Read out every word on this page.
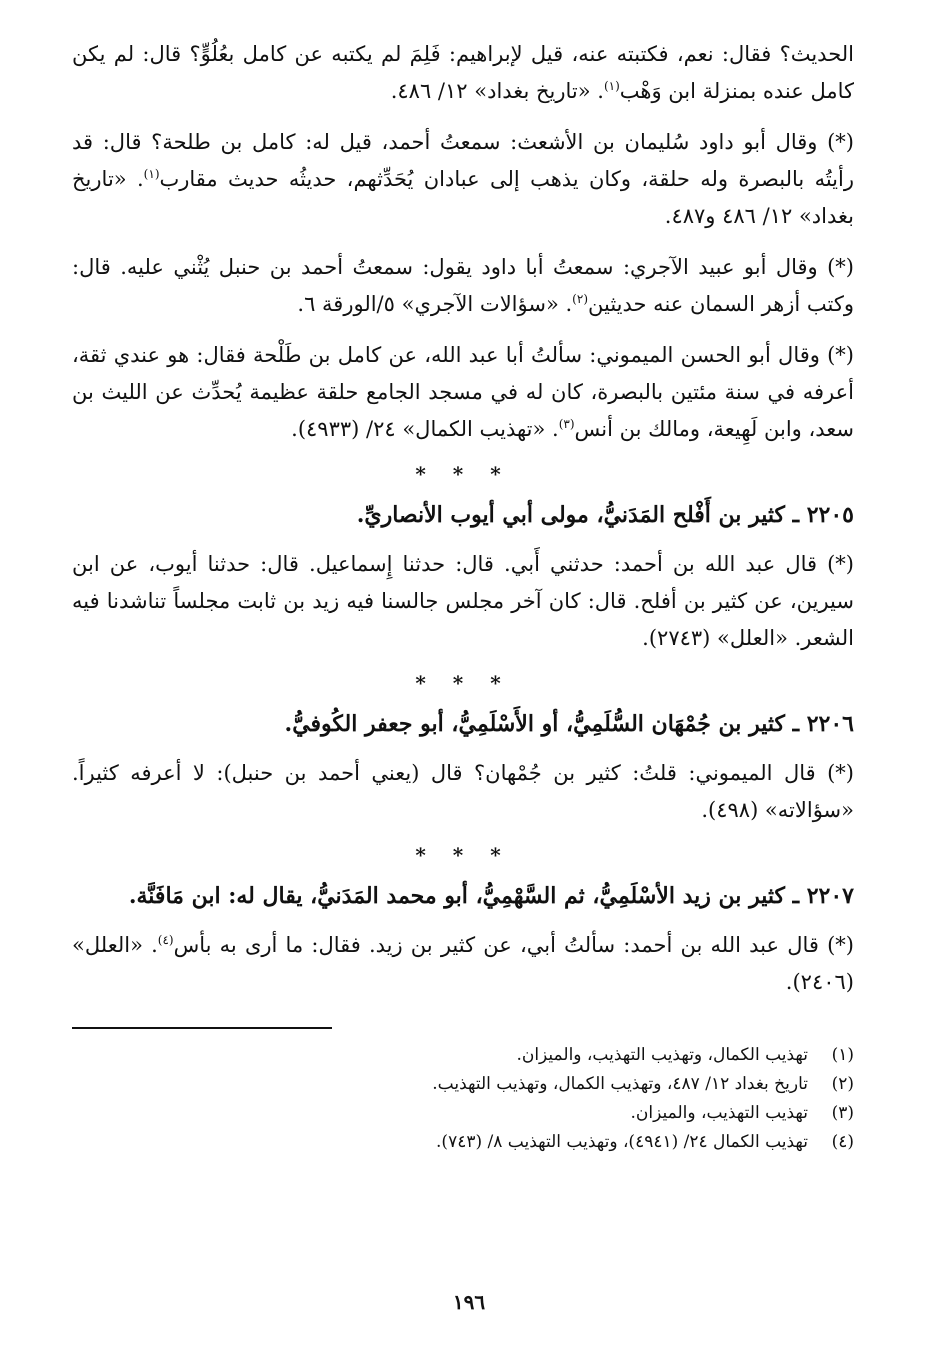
الحديث؟ فقال: نعم، فكتبته عنه، قيل لإبراهيم: فَلِمَ لم يكتبه عن كامل بعُلُوٍّ؟ قال: لم يكن كامل عنده بمنزلة ابن وَهْب$^{(١)}$. «تاريخ بغداد» ١٢/ ٤٨٦.

(*) وقال أبو داود سُليمان بن الأشعث: سمعتُ أحمد، قيل له: كامل بن طلحة؟ قال: قد رأيتُه بالبصرة وله حلقة، وكان يذهب إلى عبادان يُحَدِّثهم، حديثُه حديث مقارب$^{(١)}$. «تاريخ بغداد» ١٢/ ٤٨٦ و٤٨٧.

(*) وقال أبو عبيد الآجري: سمعتُ أبا داود يقول: سمعتُ أحمد بن حنبل يُثْني عليه. قال: وكتب أزهر السمان عنه حديثين$^{(٢)}$. «سؤالات الآجري» ٥/الورقة ٦.

(*) وقال أبو الحسن الميموني: سألتُ أبا عبد الله، عن كامل بن طَلْحة فقال: هو عندي ثقة، أعرفه في سنة مئتين بالبصرة، كان له في مسجد الجامع حلقة عظيمة يُحدِّث عن الليث بن سعد، وابن لَهِيعة، ومالك بن أنس$^{(٣)}$. «تهذيب الكمال» ٢٤/ (٤٩٣٣).

* * *
٢٢٠٥ ـ كثير بن أَفْلح المَدَنيُّ، مولى أبي أيوب الأنصاريِّ.

(*) قال عبد الله بن أحمد: حدثني أَبي. قال: حدثنا إِسماعيل. قال: حدثنا أيوب، عن ابن سيرين، عن كثير بن أفلح. قال: كان آخر مجلس جالسنا فيه زيد بن ثابت مجلساً تناشدنا فيه الشعر. «العلل» (٢٧٤٣).

* * *
٢٢٠٦ ـ كثير بن جُمْهَان السُّلَمِيُّ، أو الأَسْلَمِيُّ، أبو جعفر الكُوفيُّ.

(*) قال الميموني: قلتُ: كثير بن جُمْهان؟ قال (يعني أحمد بن حنبل): لا أعرفه كثيراً. «سؤالاته» (٤٩٨).

* * *
٢٢٠٧ ـ كثير بن زيد الأسْلَمِيُّ، ثم السَّهْمِيُّ، أبو محمد المَدَنيُّ، يقال له: ابن مَافَنَّة.

(*) قال عبد الله بن أحمد: سألتُ أبي، عن كثير بن زيد. فقال: ما أرى به بأس$^{(٤)}$. «العلل» (٢٤٠٦).

(١)
تهذيب الكمال، وتهذيب التهذيب، والميزان.
(٢)
تاريخ بغداد ١٢/ ٤٨٧، وتهذيب الكمال، وتهذيب التهذيب.
(٣)
تهذيب التهذيب، والميزان.
(٤)
تهذيب الكمال ٢٤/ (٤٩٤١)، وتهذيب التهذيب ٨/ (٧٤٣).
١٩٦
